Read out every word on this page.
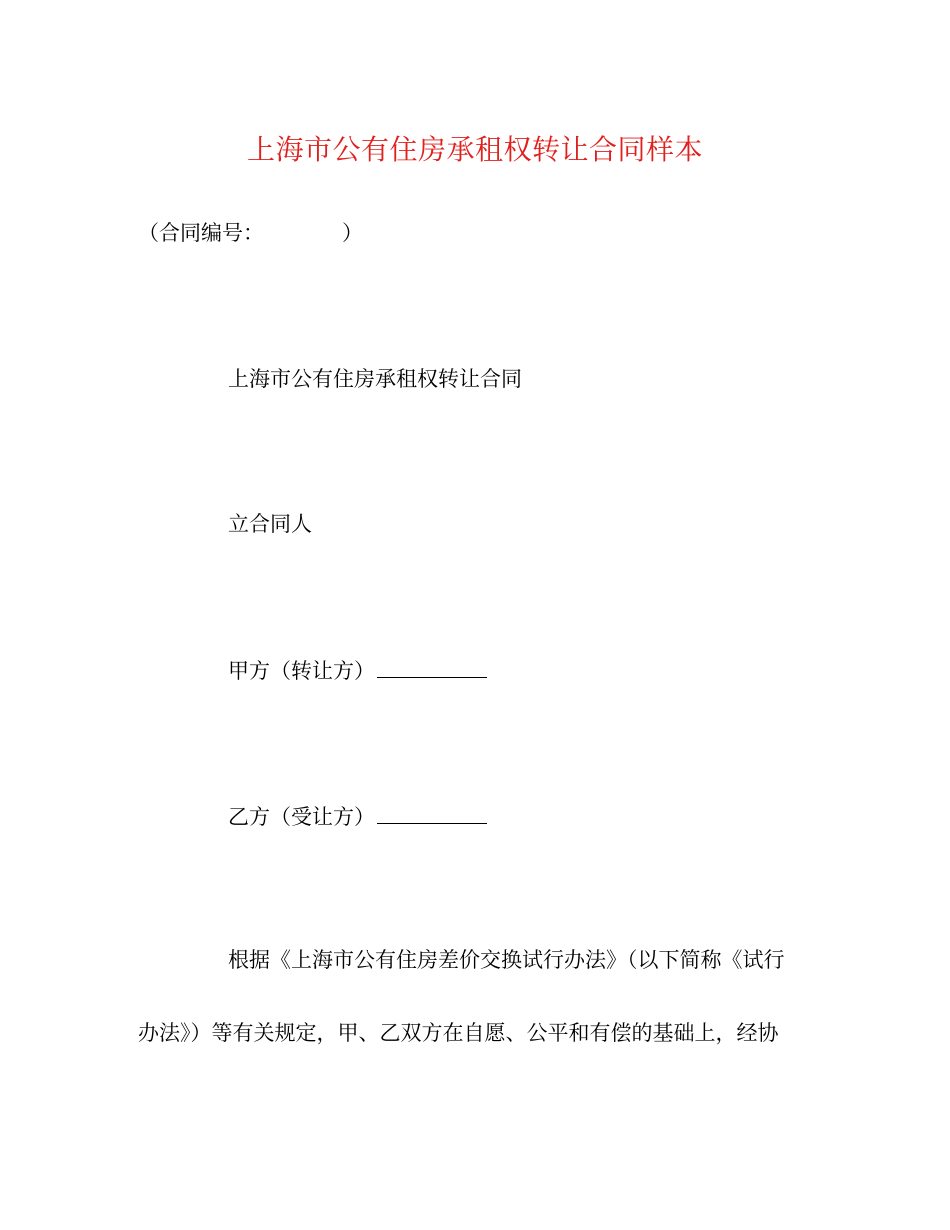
上海市公有住房承租权转让合同样本
（合同编号：	）
上海市公有住房承租权转让合同
立合同人
甲方（转让方）
乙方（受让方）
根据《上海市公有住房差价交换试行办法》（以下简称《试行
办法》）等有关规定，甲、乙双方在自愿、公平和有偿的基础上，经协
